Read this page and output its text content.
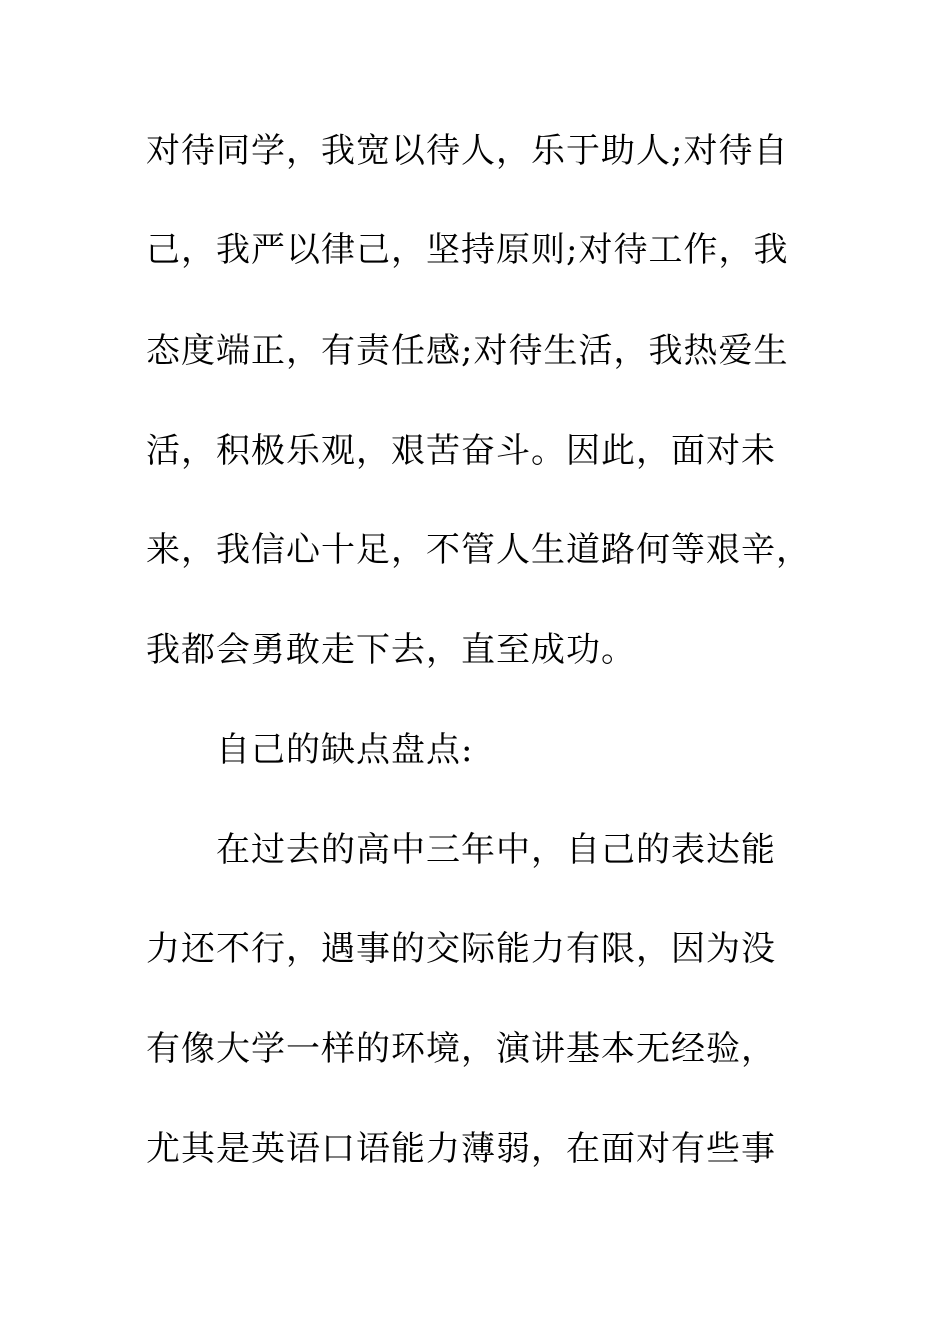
对待同学，我宽以待人，乐于助人;对待自
己，我严以律己，坚持原则;对待工作，我
态度端正，有责任感;对待生活，我热爱生
活，积极乐观，艰苦奋斗。因此，面对未
来，我信心十足，不管人生道路何等艰辛，
我都会勇敢走下去，直至成功。
自己的缺点盘点:
在过去的高中三年中，自己的表达能
力还不行，遇事的交际能力有限，因为没
有像大学一样的环境，演讲基本无经验，
尤其是英语口语能力薄弱，在面对有些事
